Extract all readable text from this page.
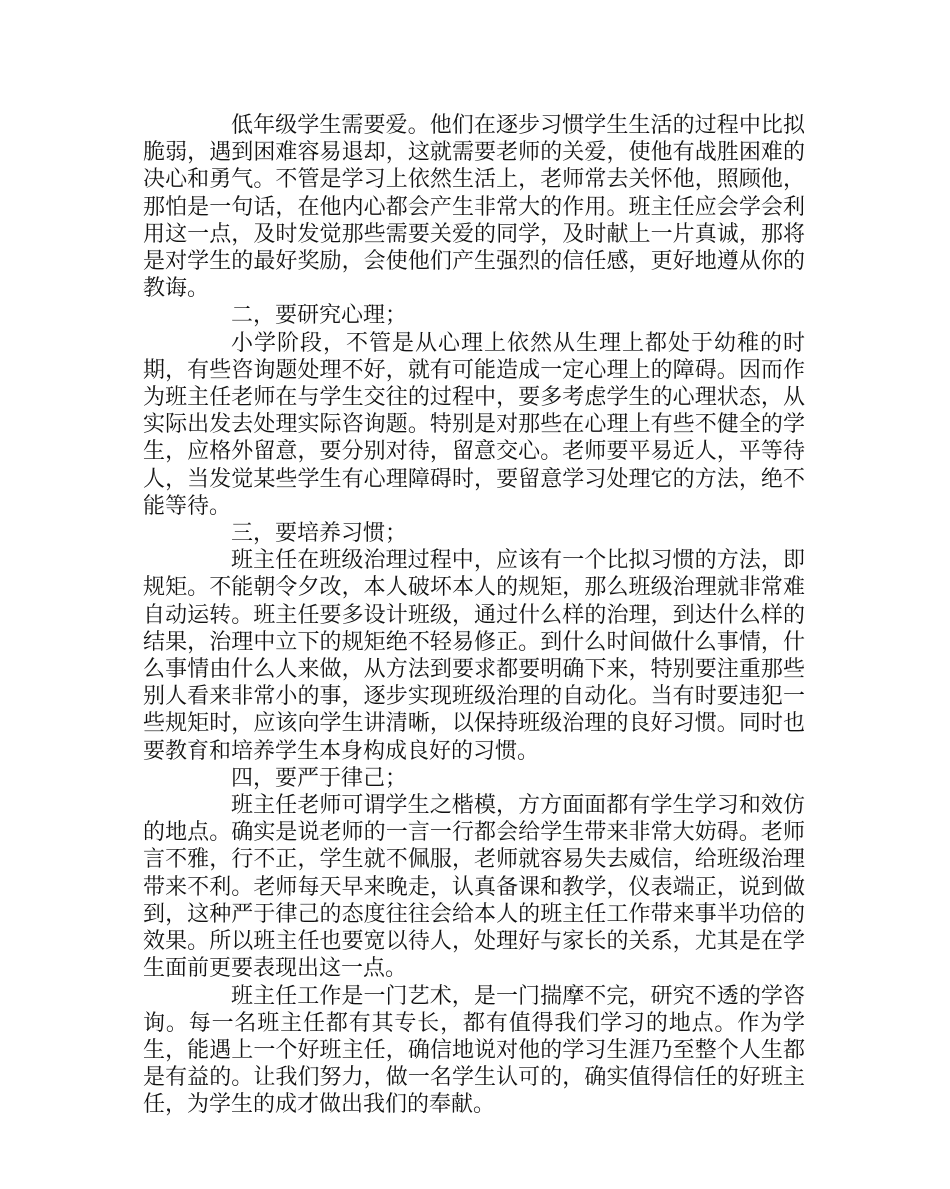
低年级学生需要爱。他们在逐步习惯学生生活的过程中比拟脆弱，遇到困难容易退却，这就需要老师的关爱，使他有战胜困难的决心和勇气。不管是学习上依然生活上，老师常去关怀他，照顾他，那怕是一句话，在他内心都会产生非常大的作用。班主任应会学会利用这一点，及时发觉那些需要关爱的同学，及时献上一片真诚，那将是对学生的最好奖励，会使他们产生强烈的信任感，更好地遵从你的教诲。

二，要研究心理；

小学阶段，不管是从心理上依然从生理上都处于幼稚的时期，有些咨询题处理不好，就有可能造成一定心理上的障碍。因而作为班主任老师在与学生交往的过程中，要多考虑学生的心理状态，从实际出发去处理实际咨询题。特别是对那些在心理上有些不健全的学生，应格外留意，要分别对待，留意交心。老师要平易近人，平等待人，当发觉某些学生有心理障碍时，要留意学习处理它的方法，绝不能等待。

三，要培养习惯；

班主任在班级治理过程中，应该有一个比拟习惯的方法，即规矩。不能朝令夕改，本人破坏本人的规矩，那么班级治理就非常难自动运转。班主任要多设计班级，通过什么样的治理，到达什么样的结果，治理中立下的规矩绝不轻易修正。到什么时间做什么事情，什么事情由什么人来做，从方法到要求都要明确下来，特别要注重那些别人看来非常小的事，逐步实现班级治理的自动化。当有时要违犯一些规矩时，应该向学生讲清晰，以保持班级治理的良好习惯。同时也要教育和培养学生本身构成良好的习惯。

四，要严于律己；

班主任老师可谓学生之楷模，方方面面都有学生学习和效仿的地点。确实是说老师的一言一行都会给学生带来非常大妨碍。老师言不雅，行不正，学生就不佩服，老师就容易失去威信，给班级治理带来不利。老师每天早来晚走，认真备课和教学，仪表端正，说到做到，这种严于律己的态度往往会给本人的班主任工作带来事半功倍的效果。所以班主任也要宽以待人，处理好与家长的关系，尤其是在学生面前更要表现出这一点。

班主任工作是一门艺术，是一门揣摩不完，研究不透的学咨询。每一名班主任都有其专长，都有值得我们学习的地点。作为学生，能遇上一个好班主任，确信地说对他的学习生涯乃至整个人生都是有益的。让我们努力，做一名学生认可的，确实值得信任的好班主任，为学生的成才做出我们的奉献。
